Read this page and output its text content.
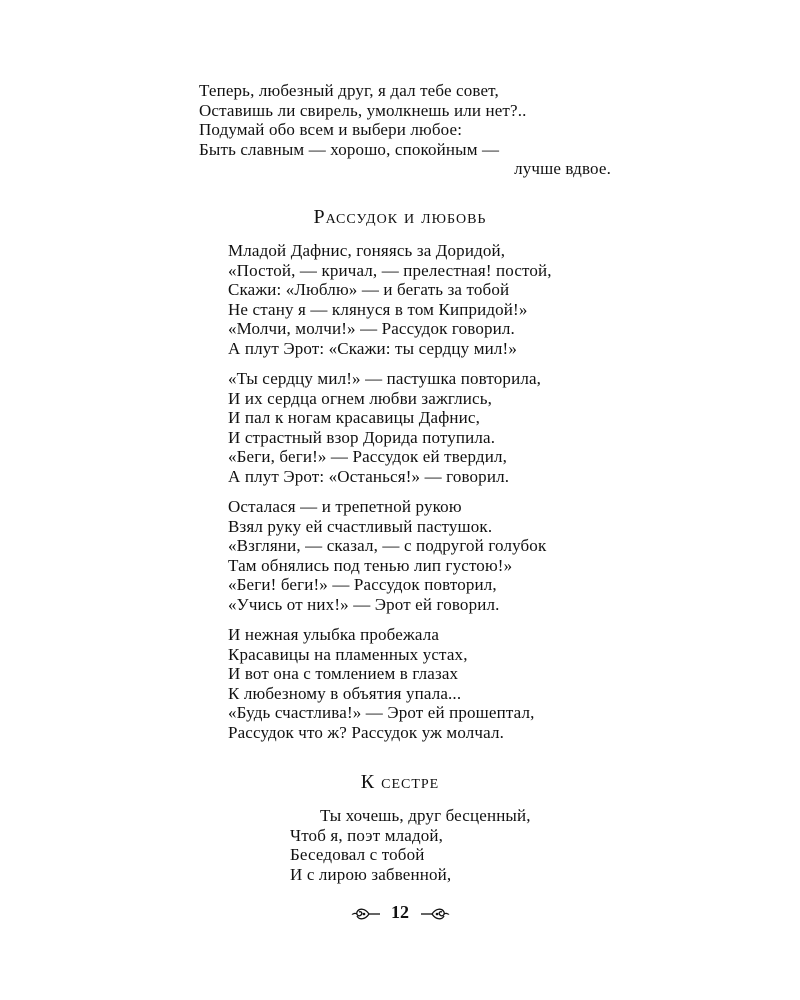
Теперь, любезный друг, я дал тебе совет,
Оставишь ли свирель, умолкнешь или нет?..
Подумай обо всем и выбери любое:
Быть славным — хорошо, спокойным —
лучше вдвое.
Рассудок и любовь
Младой Дафнис, гоняясь за Доридой,
«Постой, — кричал, — прелестная! постой,
Скажи: «Люблю» — и бегать за тобой
Не стану я — клянуся в том Кипридой!»
«Молчи, молчи!» — Рассудок говорил.
А плут Эрот: «Скажи: ты сердцу мил!»
«Ты сердцу мил!» — пастушка повторила,
И их сердца огнем любви зажглись,
И пал к ногам красавицы Дафнис,
И страстный взор Дорида потупила.
«Беги, беги!» — Рассудок ей твердил,
А плут Эрот: «Останься!» — говорил.
Осталася — и трепетной рукою
Взял руку ей счастливый пастушок.
«Взгляни, — сказал, — с подругой голубок
Там обнялись под тенью лип густою!»
«Беги! беги!» — Рассудок повторил,
«Учись от них!» — Эрот ей говорил.
И нежная улыбка пробежала
Красавицы на пламенных устах,
И вот она с томлением в глазах
К любезному в объятия упала...
«Будь счастлива!» — Эрот ей прошептал,
Рассудок что ж? Рассудок уж молчал.
К сестре
Ты хочешь, друг бесценный,
Чтоб я, поэт младой,
Беседовал с тобой
И с лирою забвенной,
12
